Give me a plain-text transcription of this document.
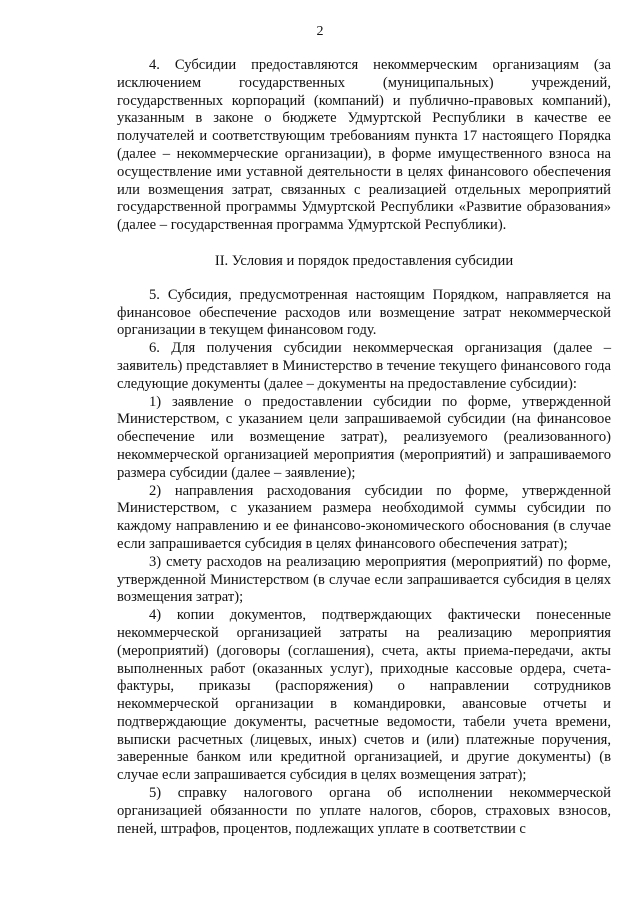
2

4. Субсидии предоставляются некоммерческим организациям (за исключением государственных (муниципальных) учреждений, государственных корпораций (компаний) и публично-правовых компаний), указанным в законе о бюджете Удмуртской Республики в качестве ее получателей и соответствующим требованиям пункта 17 настоящего Порядка (далее – некоммерческие организации), в форме имущественного взноса на осуществление ими уставной деятельности в целях финансового обеспечения или возмещения затрат, связанных с реализацией отдельных мероприятий государственной программы Удмуртской Республики «Развитие образования» (далее – государственная программа Удмуртской Республики).

II. Условия и порядок предоставления субсидии

5. Субсидия, предусмотренная настоящим Порядком, направляется на финансовое обеспечение расходов или возмещение затрат некоммерческой организации в текущем финансовом году.

6. Для получения субсидии некоммерческая организация (далее – заявитель) представляет в Министерство в течение текущего финансового года следующие документы (далее – документы на предоставление субсидии):

1) заявление о предоставлении субсидии по форме, утвержденной Министерством, с указанием цели запрашиваемой субсидии (на финансовое обеспечение или возмещение затрат), реализуемого (реализованного) некоммерческой организацией мероприятия (мероприятий) и запрашиваемого размера субсидии (далее – заявление);

2) направления расходования субсидии по форме, утвержденной Министерством, с указанием размера необходимой суммы субсидии по каждому направлению и ее финансово-экономического обоснования (в случае если запрашивается субсидия в целях финансового обеспечения затрат);

3) смету расходов на реализацию мероприятия (мероприятий) по форме, утвержденной Министерством (в случае если запрашивается субсидия в целях возмещения затрат);

4) копии документов, подтверждающих фактически понесенные некоммерческой организацией затраты на реализацию мероприятия (мероприятий) (договоры (соглашения), счета, акты приема-передачи, акты выполненных работ (оказанных услуг), приходные кассовые ордера, счета-фактуры, приказы (распоряжения) о направлении сотрудников некоммерческой организации в командировки, авансовые отчеты и подтверждающие документы, расчетные ведомости, табели учета времени, выписки расчетных (лицевых, иных) счетов и (или) платежные поручения, заверенные банком или кредитной организацией, и другие документы) (в случае если запрашивается субсидия в целях возмещения затрат);

5) справку налогового органа об исполнении некоммерческой организацией обязанности по уплате налогов, сборов, страховых взносов, пеней, штрафов, процентов, подлежащих уплате в соответствии с
